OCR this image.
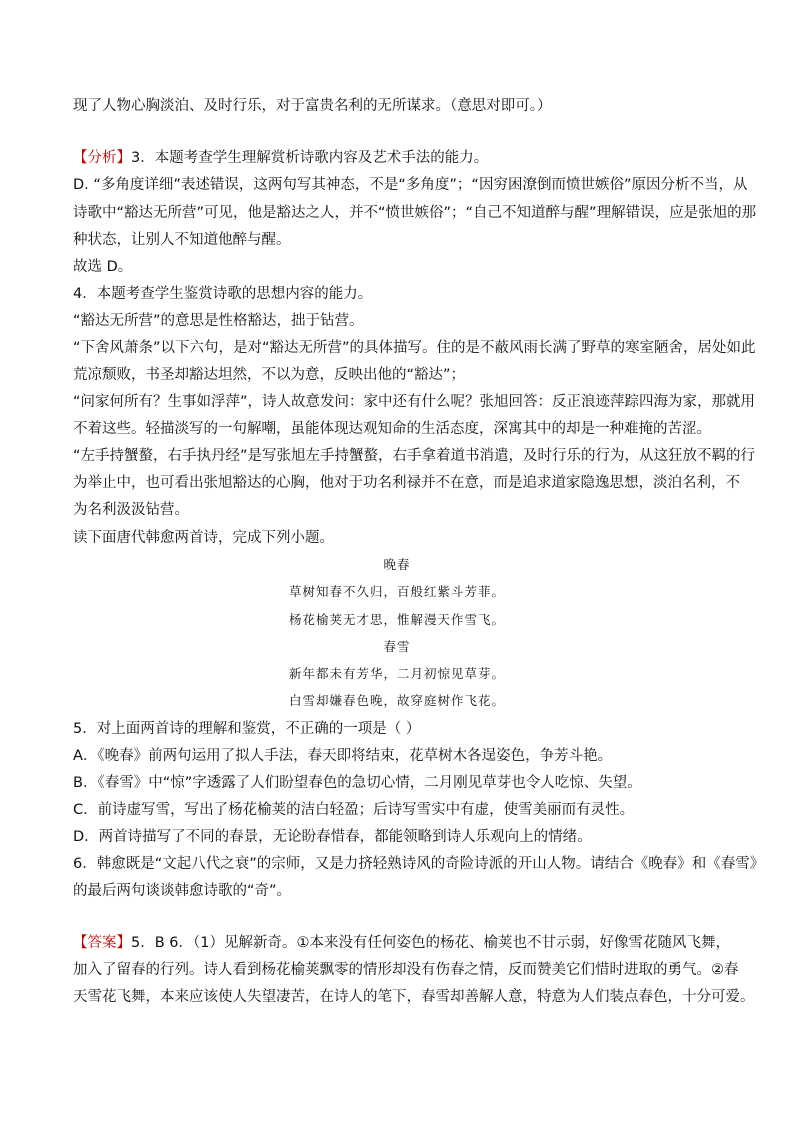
现了人物心胸淡泊、及时行乐，对于富贵名利的无所谋求。（意思对即可。）
【分析】3．本题考查学生理解赏析诗歌内容及艺术手法的能力。
D. “多角度详细”表述错误，这两句写其神态，不是“多角度”；“因穷困潦倒而愤世嫉俗”原因分析不当，从
诗歌中“豁达无所营”可见，他是豁达之人，并不“愤世嫉俗”；“自己不知道醉与醒”理解错误，应是张旭的那
种状态，让别人不知道他醉与醒。
故选 D。
4．本题考查学生鉴赏诗歌的思想内容的能力。
“豁达无所营”的意思是性格豁达，拙于钻营。
“下舍风萧条”以下六句，是对“豁达无所营”的具体描写。住的是不蔽风雨长满了野草的寒室陋舍，居处如此
荒凉颓败，书圣却豁达坦然，不以为意，反映出他的“豁达”；
“问家何所有？生事如浮萍”，诗人故意发问：家中还有什么呢？张旭回答：反正浪迹萍踪四海为家，那就用
不着这些。轻描淡写的一句解嘲，虽能体现达观知命的生活态度，深寓其中的却是一种难掩的苦涩。
“左手持蟹螯，右手执丹经”是写张旭左手持蟹螯，右手拿着道书消遣，及时行乐的行为，从这狂放不羁的行
为举止中，也可看出张旭豁达的心胸，他对于功名利禄并不在意，而是追求道家隐逸思想，淡泊名利，不
为名利汲汲钻营。
读下面唐代韩愈两首诗，完成下列小题。
晚春
草树知春不久归，百般红紫斗芳菲。
杨花榆荚无才思，惟解漫天作雪飞。
春雪
新年都未有芳华，二月初惊见草芽。
白雪却嫌春色晚，故穿庭树作飞花。
5．对上面两首诗的理解和鉴赏，不正确的一项是（ ）
A．《晚春》前两句运用了拟人手法，春天即将结束，花草树木各逞姿色，争芳斗艳。
B．《春雪》中“惊”字透露了人们盼望春色的急切心情，二月刚见草芽也令人吃惊、失望。
C．前诗虚写雪，写出了杨花榆荚的洁白轻盈；后诗写雪实中有虚，使雪美丽而有灵性。
D．两首诗描写了不同的春景，无论盼春惜春，都能领略到诗人乐观向上的情绪。
6．韩愈既是“文起八代之衰”的宗师，又是力挤轻熟诗风的奇险诗派的开山人物。请结合《晚春》和《春雪》
的最后两句谈谈韩愈诗歌的“奇”。
【答案】5．B 6．（1）见解新奇。①本来没有任何姿色的杨花、榆荚也不甘示弱，好像雪花随风飞舞，
加入了留春的行列。诗人看到杨花榆荚飘零的情形却没有伤春之情，反而赞美它们惜时进取的勇气。②春
天雪花飞舞，本来应该使人失望凄苦，在诗人的笔下，春雪却善解人意，特意为人们装点春色，十分可爱。
